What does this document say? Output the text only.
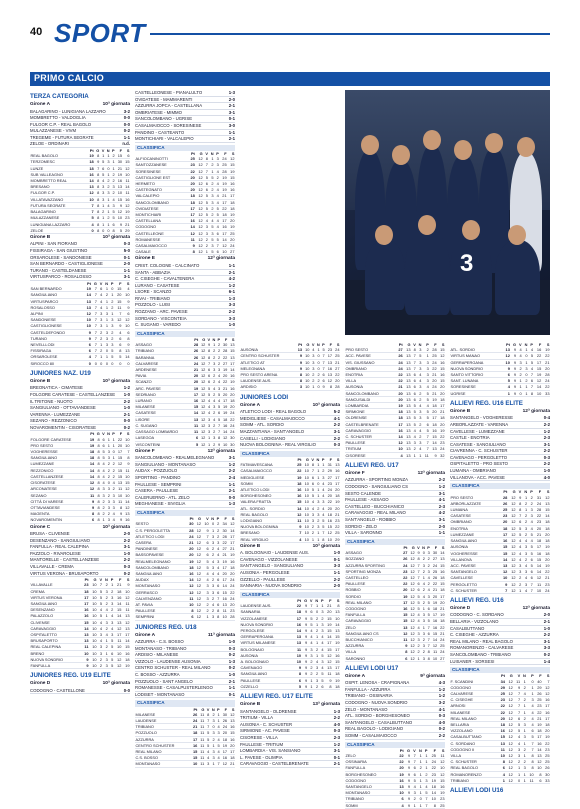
40 SPORT
PRIMO CALCIO
TERZA CATEGORIA
Girone A	10ª giornata
BALAGARINO - LUNIGIANA LAZZARO	3-2
MOMBRETTO - VALDOGLIA	0-0
FULGOR C.P. - REAL BAGOLO	0-0
MULAZZANESE - VIVM	0-2
TREGEME - FUTURA SEGRATE	1-1
ZELOE - ORDINARI	n.d.
	Pt	G	V	N	P	F	S
REAL BAGOLO	19	8	1	1	2	15	6
TERZOMESC	18	9	5	3	1	30	15
LUNZE	18	7	6	0	1	21	12
SUB VALLEAGNO	16	8	5	1	2	19	10
MOMBRETTO REAL	14	8	4	2	2	16	11
BRESANO	13	8	3	2	3	13	14
FULGOR C.P.	12	8	3	3	2	10	11
VILLATAVAZZANO	10	8	3	1	4	15	16
FUTURA SEGRATE	7	8	1	4	3	9	12
BALAGARINO	7	8	2	1	5	12	19
MULAZZANESE	5	8	1	2	5	10	23
LUNIGIANA LAZZARO	4	8	1	1	6	9	21
ZELOE	0	8	0	0	8	5	29
Girone B	10ª giornata
ALPINI - SAN FIORANO	0-3
FISSIRAGA - SAN GIUSTINO	5-0
ORSAROLESE - SANDONIESE	0-1
SAN BERNARDO - CASTIGLIONESE	2-0
TURANO - CASTELDANESE	1-1
VIRTUSPARCO - ROSALOSSO	3-1
	Pt	G	V	N	P	F	S
SAN BERNARDO	19	7	6	1	0	15	4
SANGIULIANO	14	7	4	2	1	20	10
VIRTUSPARCO	13	7	4	1	2	15	9
ROSALOSSO	13	7	4	1	2	11	9
ALPINI	12	7	3	3	1	7	6
SANDONIESE	10	7	3	1	3	12	12
CASTIGLIONESE	10	7	3	1	3	9	10
CASTELDEFONDO	9	7	2	3	2	4	6
TURANO	9	7	2	3	2	6	8
NEVELLLODI	6	7	1	3	3	6	9
FISSIRAGA	6	7	2	0	5	8	13
ORSAROLESE	4	7	1	1	5	5	14
SIROCCO 80	0	0	0	0	0	0	0
JUNIORES NAZ. U19
Girone B	10ª giornata
BREONATICA - CIMATESE	1-2
FOLGORE CARATESE - CASTELLANZESE 1-0
IL TRITONE - NUOTO	2-2
SANGIULIANO - OTTAVIANDESE	1-0
VARENNA - LUMEZZANE	2-1
SEZANO - REZZONICO	0-0
NOVAROMENTIN - CISORATESE	0-2
	Pt	G	V	N	P	F	S
FOLGORE CARATESE	19	8	6	1	1	22	10
PRO SESTO	19	8	6	1	1	20	10
VOGHERESSE	18	8	5	3	0	17	7
SANGIULIANO	18	8	5	3	1	15	8
LUMEZZANE	14	8	4	2	2	12	9
REZZONICO	14	8	4	2	2	15	11
CASTELLANZESE	14	8	4	2	2	15	10
CISORATESE	12	8	4	0	4	13	15
ARCONATESE	12	8	3	3	2	11	12
SEZANO	11	8	3	2	3	10	10
CITTÀ DI VARESE	9	8	2	3	3	11	14
OTTAVIANDESE	9	8	2	3	3	8	12
MAGENTA	8	8	2	2	4	9	13
NOVAROMENTIN	6	8	1	3	4	9	16
Girone C	10ª giornata
BRUSA - CLIVENSE	2-0
DESENZANO - SANGIULIANO	2-2
FANFULLA - REAL CALEPINA	3-1
PAZZOLO - RIVAROLESE	1-0
MANTORELLE - CASTELLANZESE	2-2
VILLAVALLE - CREMA	0-3
VIRTUS VERONA - BRUSAPORTO	0-2
	Pt	G	V	N	P	F	S
VILLAVALLE	23	10	7	2	1	21	9
CREMA	18	10	5	3	2	18	10
VIRTUS VERONA	17	10	5	2	3	16	12
SANGIULIANO	17	10	5	2	3	14	11
DESENZANO	16	10	4	4	2	15	11
PALAZZOLO	16	10	5	1	4	14	13
CLIVENSE	15	10	4	3	3	13	12
CARAVAGGIO	14	10	4	2	4	12	13
OSPITALETTO	13	10	3	4	3	17	17
BRUSAPORTO	13	10	4	1	5	11	14
REAL CALEPINA	11	10	3	2	5	10	15
BRENO	10	10	3	1	6	10	16
NUOVA SONDRIO	9	10	2	3	5	12	18
FANFULLA	9	10	2	3	5	12	19
JUNIORES REG. U19 ELITE
Girone D	10ª giornata
CODOGNO - CASTELLONE	0-0
CASTELLEONESE - PIANALULTO	1-3
OVIDATESE - MAMMARENTI	2-0
AZZURRA JOPCA - CASTELLANA	2-1
OMBRIATESE - MIMMO	3-1
SANCOLOMBANO - UGRISE	0-1
CASALMAIOCCO - SORESINESE	3-0
PANDINO - CASTEANTO	1-1
MONTICHIARI - VALCALEPIO	2-1
CLASSIFICA
	Pt	G	V	N	P	F	S
ALFIOCANINOTTI	25	12	8	1	3	24	12
SANTOZZANESE	23	12	7	2	3	25	15
SORESINESE	22	12	7	1	4	28	19
CASTIGLIONE EST	20	12	5	5	2	19	15
HERMETO	20	12	6	2	4	19	16
CASTEGNATO	20	12	6	2	4	19	16
VALCALEPIO	18	12	5	3	4	21	17
SANCOLOMBANO	18	12	5	3	4	17	18
OVIDIATESE	17	12	5	2	5	22	18
MONTICHIARI	17	12	5	2	5	18	19
CASTELLANA	16	12	4	4	4	17	20
CODOGNO	14	12	3	5	4	16	19
CASTELLEONE	12	12	3	3	6	17	25
ROMANESSE	11	12	2	5	5	14	20
CASALMAIOCCO	9	12	2	3	7	12	24
CASALE	8	12	1	5	6	10	27
Girone E	12ª giornata
CRIST. COLOGNE - CALCINATO	1-1
SANTA - ABBAZIA	2-1
C. CISEGHE - CAVALTENERA	4-2
LURANO - CASATESE	1-2
LSORE - SCANZO	6-1
RIVAI - TRIBIANO	1-3
POZZOLO - LUISI	3-3
ROZZANO - ARC. PAVESE	2-2
SORDANO - VISCONTEIA	3-3
C. SUGANO - VAREDO	1-0
CLASSIFICA
	Pt	G	V	N	P	F	S
ASSAGO	28	12	9	1	2	30	13
TRIBIANO	26	12	8	2	2	28	15
BARANNA	26	12	8	2	2	22	13
CALVARESE	24	12	7	3	2	27	17
ARDENESE	21	12	6	3	3	19	14
PAVIA	20	12	6	2	4	20	16
SCANZO	20	12	6	2	4	22	19
ARC. PAVESE	19	12	5	4	3	21	16
SEDRIANO	17	12	5	2	5	20	20
LURANO	16	12	4	4	4	17	18
MILANESE	15	12	4	3	5	19	20
CASATESE	14	12	4	2	6	19	24
LISORE	13	12	3	4	5	18	22
C. SUGANO	11	12	3	2	7	16	24
CASSAGO LOMBARDO	11	12	3	2	7	14	24
LASEGOA	6	12	1	3	8	12	30
VISCONTEINI	5	12	1	2	9	10	30
Girone F	12ª giornata
SANCOLOMBANO - REALMELEGNANO	3-1
SANGIULIANO - MONTANASO	1-2
AUDAX - POZZUOLO	2-2
SPORTING - PANDINO	2-4
PAULLESE - SEMPRINI	1-1
CASERA - PAULLESE	2-1
CALERUERNO - ATL. ZELO	0-0
MEGHIANESE - SIVIGLIA	1-3
CLASSIFICA
	Pt	G	V	N	P	F	S
SESTO	30	12	10	0	2	34	12
C.S. PERGOLETTA	28	12	9	1	2	30	14
ATLETICO LODI	24	12	7	3	2	28	17
CASERA	21	12	6	3	3	22	17
PANDINESE	20	12	6	2	4	27	21
BASSOPAVESE	20	12	6	2	4	21	19
REALMELEGNANO	19	12	5	4	3	19	16
SANCOLOMBANO	18	12	5	3	4	17	18
SANGIULIANO	16	12	4	4	4	20	20
AUDAX	14	12	4	2	6	17	24
MONTANASO	12	12	3	3	6	14	24
GERRASCO	12	12	3	3	6	15	22
CALVENZANO	11	12	3	2	7	16	24
AT. PAVIA	10	12	2	4	6	13	20
PAULLESE	8	12	2	2	8	11	23
SEMPRINI	6	12	1	3	8	10	28
JUNIORES REG. U18
Girone A	11ª giornata
AZZURRA - C.S. BOSSO	1-0
MONTANASO - TRIBIANO	0-3
ARDISIO - MILANESE	0-2
VIZZOLO - LAUDENSE AUSONIA	1-3
CENTRO SCHUSTER - REAL MILANO	0-2
C. BOSSO - AZZURRA	1-0
POZZUOLO - SANT ANGELO	2-1
ROMANESSE - CASALPUSTERLENGO	1-1
LODISET - MONTANASO	0-1
CLASSIFICA
	Pt	G	V	N	P	F	S
MILANESE	26	11	8	2	1	30	12
LAUDENSE	24	11	7	3	1	26	13
TRIBIANO	21	11	7	0	4	24	16
POZZUOLO	18	11	5	3	3	20	15
AZZURRA	17	11	5	2	4	18	16
CENTRO SCHUSTER	16	11	5	1	5	19	20
REAL MILANO	15	11	4	3	4	17	17
C.S. BOSSO	15	11	4	3	4	16	18
MONTANASO	10	11	3	1	7	12	21
3
	Pt	G	V	N	P	F	S
AUSONIA	13	10	4	1	5	23	24
CENTRO SCHUSTER	9	10	3	0	7	17	25
ATLETICO AT	9	10	3	0	7	13	21
MELEGNANA	9	10	3	0	7	16	27
PRO SESTO ARENA	8	10	2	2	6	13	22
LAUDENSE AUS.	8	10	2	2	6	12	20
ARDISIO	3	10	1	0	9	8	28
JUNIORES LODI
Girone A	10ª giornata
ATLETICO LODI - REAL BAGOLO	5-2
MEDIGLIESE - CASALMAIOCCO	4-1
SOMM - ATL. SORDIO	2-2
MAZZANTIANA - SANT'ANGELO	3-1
CASELLI - LODIGIANO	2-2
NUOVA BOLOGNINA - REAL VIRGILIO	0-3
CLASSIFICA
	Pt	G	V	N	P	F	S
FATIMAVESCANA	25	10	8	1	1	31	13
CASALMAIOCCO	22	10	7	1	2	29	16
MEDIGLIESE	19	10	6	1	3	27	17
SOMM	18	10	6	0	4	23	17
ATLETICO LODI	16	10	5	1	4	24	20
BORGHESONEO	16	10	5	1	4	20	18
VALERA FRATTA	15	10	4	3	3	22	19
ATL. SORDIO	14	10	4	2	4	20	20
REAL BAGOLO	12	10	3	3	4	18	21
LODIGIANO	11	10	3	2	5	16	23
NUOVA BOLOGNINA	9	10	2	3	5	15	22
BRESANO	7	10	2	1	7	12	25
REAL VIRGILIO	4	10	1	1	8	10	29
Girone B	10ª giornata
A. BOLOGNAIO - LAUDENSE AUS.	1-0
CAVENAGO - VIZZOLANESE	0-1
SANT'ANGELO - SANGIULIANO	3-3
AUSONIA - PERGOLESE	1-1
OZZELLO - PAULLESE	2-2
SANNARIA - NUOVA SONDRIO	2-0
CLASSIFICA
	Pt	G	V	N	P	F	S
LAUDENSE AUS.	22	9	7	1	1	21	8
SANNARIA	18	9	6	0	3	20	13
VIZZOLANESE	17	9	5	2	2	15	10
NUOVA SONDRIO	16	9	5	1	3	19	14
PERGOLESE	14	9	4	2	3	15	13
GERRAPERGANA	13	9	4	1	4	14	15
VIRTUS MILANESE	13	9	4	1	4	17	19
BOLOGNAIO	11	9	3	2	4	15	17
AUSONIA	10	9	3	1	5	12	16
A. BOLOGNAIO	10	9	2	4	3	12	15
CAVENAGO	9	9	2	3	4	13	17
SANGIULIANO	8	9	2	2	5	11	18
PAULLESE	6	9	1	3	5	9	19
OZZELLO	5	9	1	2	6	8	18
ALLIEVI REG. U17 ELITE
Girone B	13ª giornata
SANTANGELO - OLDRENSE	1-3
TRITIUM - VILLA	2-2
AUSONIA - C. SCHUSTER	4-0
SIRMIONE - AC. PAVESE	0-3
CISORESE - VILLA	2-3
PAULLESE - TRITIUM	1-2
LOMBARDIA - VIS. SANSIANO	3-1
L. PAVESE - OLIMPIA	0-1
CARAVAGGIO - CASTELBRENATE	2-1
	Pt	G	V	N	P	F	S
PRO SESTO	27	13	8	3	2	28	15
ACC. PAVESE	26	13	7	5	1	25	12
VIS. GIUSSANO	24	13	7	3	3	24	16
OMBRIANO	24	13	7	3	3	22	15
ENOTRIA	22	13	6	4	3	21	16
VILLA	22	13	6	4	3	20	15
AUSONIA	21	13	6	3	4	24	20
SANCOLOMBANO	20	13	6	2	5	21	20
SANCUSALDI	20	13	6	2	5	19	18
LOMBARDIA	19	13	5	4	4	18	17
SIRMIONE	18	13	5	3	5	20	21
OLDRENSE	18	13	5	3	5	17	18
CASTELBRENATE	17	13	5	2	6	18	20
CARAVAGGIO	16	13	4	4	5	16	19
C. SCHUSTER	14	13	4	2	7	15	22
PAULLESE	12	13	3	3	7	14	23
TRITIUM	10	13	2	4	7	13	24
CISORESE	4	13	1	1	11	9	32
ALLIEVI REG. U17
Girone F	12ª giornata
AZZURRA - SPORTING MONZA	2-2
CODOGNO - SANGIULIANO CS	1-2
SESTO CALENDE	3-1
PAULLESE - ASSAGO	4-1
CASTELLEO - BUCCHIANICO	2-3
CARAVAGGIO - REAL MILANO	4-2
SANT'ANGELO - ROBBIO	3-1
SORDIO - ZELO	2-0
VILLA - SARONNO	1-1
CLASSIFICA
	Pt	G	V	N	P	F	S
ASSAGO	27	12	9	0	3	30	14
BOZZANO	26	12	8	2	2	27	13
AZZURRA SPORTING	24	12	7	3	2	24	15
SPORTING MONZA	23	12	7	2	3	25	16
CASTELLEO	22	12	7	1	4	26	18
PAULLESE	22	12	6	4	2	22	15
ROBBIO	20	12	6	2	4	21	18
SORDIO	19	12	5	4	3	20	17
REAL MILANO	17	12	5	2	5	19	20
CODOGNO	16	12	5	1	6	18	21
FANFULLA	15	12	4	3	5	17	19
CARAVAGGIO	15	12	4	3	5	16	18
ZELO	13	12	4	1	7	16	22
SANGIULIANO CS	12	12	3	3	6	15	21
BUCCHIANICO	11	12	3	2	7	14	24
AZZURRA	9	12	2	3	7	12	25
VILLA	8	12	2	2	8	11	24
SARONNO	6	12	1	3	8	10	27
ALLIEVI LODI U17
Girone A	9ª giornata
OSPIT. LENOSA - CRAPIGNANA	4-3
FANFULLA - AZZURRA	1-2
TRIBIANO - OSSINARIA	1-2
CODOGNO - NUOVA SONDRIO	3-2
ZELO - MONTANASO	4-1
ATL. SORDIO - BORGHESONEO	0-3
SANTANGELO - CASALBUTTANO	4-0
REAL BAGOLO - LODIGIANO	0-2
SOMM - CASALMAIOCCO	2-2
CLASSIFICA
	Pt	G	V	N	P	F	S
ZELO	22	9	7	1	1	25	11
OSSINARIA	22	9	7	1	1	24	12
FANFULLA	20	9	6	2	1	22	10
BORGHESONEO	19	9	6	1	2	23	12
CODOGNO	16	9	5	1	3	19	15
SANTANGELO	13	9	4	1	4	18	16
MONTANASO	10	9	3	1	5	14	19
TRIBIANO	6	9	2	0	7	10	23
SOMM	4	9	1	1	7	8	25
	Pt	G	V	N	P	F	S
ATL. SORDIO	13	9	4	1	4	16	19
VIRTUS MANAO	12	9	4	0	5	22	22
GERRAPERGANA	10	9	3	1	5	17	21
NUOVA SONDRIO	9	9	2	3	4	15	20
SANTO VITTORIO	6	9	2	0	7	19	28
SANT. LUNANA	5	9	1	2	6	12	24
SORESINESE	4	9	1	1	7	14	22
UGRISE	1	9	0	1	8	10	33
ALLIEVI REG. U16 ELITE
Girone B	12ª giornata
SANTANGELO - VOGHERESSE	0-4
ARBORLAZZATE - VARENNA	2-2
CAVELLESE - LUMEZZANE	1-2
CASTLE - ENOTRIA	2-3
CASATESE - SANGIULIANO	3-1
CIAVRENNA - C. SCHUSTER	2-2
CAVENAGO - PERGOLETTO	0-3
OSPITALETTO - PRO SESTO	2-2
LUMAINA - OMBRIANO	1-0
VILLANOVA - ACC. PAVESE	4-0
CLASSIFICA
	Pt	G	V	N	P	F	S
PRO SESTO	28	12	9	1	2	31	12
ARBORLAZZATE	26	12	8	2	2	24	13
LUMAINA	25	12	8	1	3	28	15
CASATESE	23	12	7	2	3	22	14
OMBRIANO	20	12	6	2	4	23	18
ENOTRIA	18	12	5	3	4	20	18
LUMEZZANE	17	12	5	2	5	21	20
SANGIULIANO	16	12	4	4	4	18	18
AUSONIA	15	12	4	3	5	17	19
VOGHERESSE	15	12	4	3	5	16	18
VILLANOVA	14	12	4	2	6	15	20
ACC. PAVESE	13	12	3	4	5	14	19
SANTANGELO	12	12	3	3	6	14	22
CAVELLESE	10	12	2	4	6	12	21
PERGOLETTO	9	12	2	3	7	11	23
C. SCHUSTER	7	12	1	4	7	10	24
ALLIEVI REG. U16
Girone D	12ª giornata
CODOGNO - C. SORDANO	2-0
BELLARIA - VIZZOLANO	2-1
CASALBUTTANO	1-0
C. CISEGHE - AZZURRA	2-2
REAL MILANO - REAL BAGOLO	3-1
ROMANORENZO - CALVARESE	3-3
SANCOLOMBANO - TRIBIANO	0-2
LUISANER - SORSESI	1-4
CLASSIFICA
	Pt	G	V	N	P	F	S
F. SCANDINI	34	12	11	1	0	40	7
CODOGNO	29	12	9	2	1	29	12
CALVARESE	25	12	7	4	1	26	12
C. CISEGHE	23	12	7	2	3	25	16
ARNOSI	22	12	7	1	4	23	17
MILANESE	22	12	7	1	4	22	16
REAL MILANO	20	12	6	2	4	21	17
BELLARIA	18	12	5	3	4	19	18
VIZZOLANO	16	12	5	1	6	18	20
CASALBUTTANO	15	12	4	3	5	17	19
C. SORDANO	13	12	4	1	7	16	22
CODOGNO II	11	12	3	2	7	14	23
VILLA	10	12	3	1	8	13	25
C. SCHUSTER	8	12	2	2	8	12	25
REAL BAGOLO	6	12	1	3	8	10	26
ROMANORENZO	4	12	1	1	10	8	30
TRIBIANO	1	12	0	1	11	6	33
ALLIEVI LODI U16
